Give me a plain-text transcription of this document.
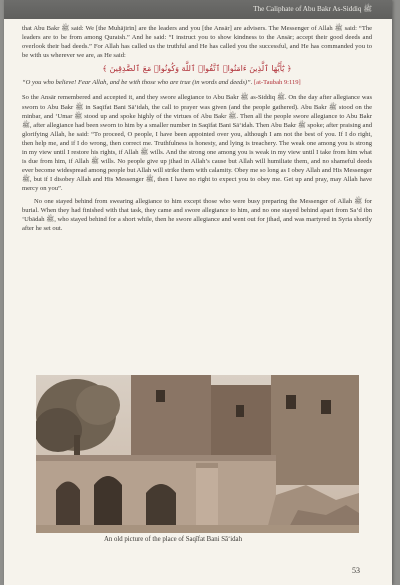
The Caliphate of Abu Bakr As-Siddiq ﷺ

that Abu Bakr ﷺ said: We [the Muhājirīn] are the leaders and you [the Ansār] are advisers. The Messenger of Allah ﷺ said: “The leaders are to be from among Quraish.” And he said: “I instruct you to show kindness to the Ansār; accept their good deeds and overlook their bad deeds.” For Allah has called us the truthful and He has called you the successful, and He has commanded you to be with us wherever we are, as He said:

﴿ يَٰٓأَيُّهَا ٱلَّذِينَ ءَامَنُوا۟ ٱتَّقُوا۟ ٱللَّهَ وَكُونُوا۟ مَعَ ٱلصَّٰدِقِينَ ﴾

“O you who believe! Fear Allah, and be with those who are true (in words and deeds)”. [at-Taubah 9:119]

So the Ansār remembered and accepted it, and they swore allegiance to Abu Bakr ﷺ as-Siddiq ﷺ. On the day after allegiance was sworn to Abu Bakr ﷺ in Saqīfat Bani Sā‘idah, the call to prayer was given (and the people gathered). Abu Bakr ﷺ stood on the minbar, and ‘Umar ﷺ stood up and spoke highly of the virtues of Abu Bakr ﷺ. Then all the people swore allegiance to Abu Bakr ﷺ, after allegiance had been sworn to him by a smaller number in Saqīfat Bani Sā‘idah. Then Abu Bakr ﷺ spoke; after praising and glorifying Allah, he said: “To proceed, O people, I have been appointed over you, although I am not the best of you. If I do right, then help me, and if I do wrong, then correct me. Truthfulness is honesty, and lying is treachery. The weak one among you is strong in my view until I restore his rights, if Allah ﷺ wills. And the strong one among you is weak in my view until I take from him what is due from him, if Allah ﷺ wills. No people give up jihad in Allah’s cause but Allah will humiliate them, and no shameful deeds ever become widespread among people but Allah will strike them with calamity. Obey me so long as I obey Allah and His Messenger ﷺ, but if I disobey Allah and His Messenger ﷺ, then I have no right to expect you to obey me. Get up and pray, may Allah have mercy on you”.

No one stayed behind from swearing allegiance to him except those who were busy preparing the Messenger of Allah ﷺ for burial. When they had finished with that task, they came and swore allegiance to him, and no one stayed behind apart from Sa‘d ibn ‘Ubādah ﷺ, who stayed behind for a short while, then he swore allegiance and went out for jihad, and was martyred in Syria shortly after he set out.

An old picture of the place of Saqīfat Bani Sā‘idah
53
